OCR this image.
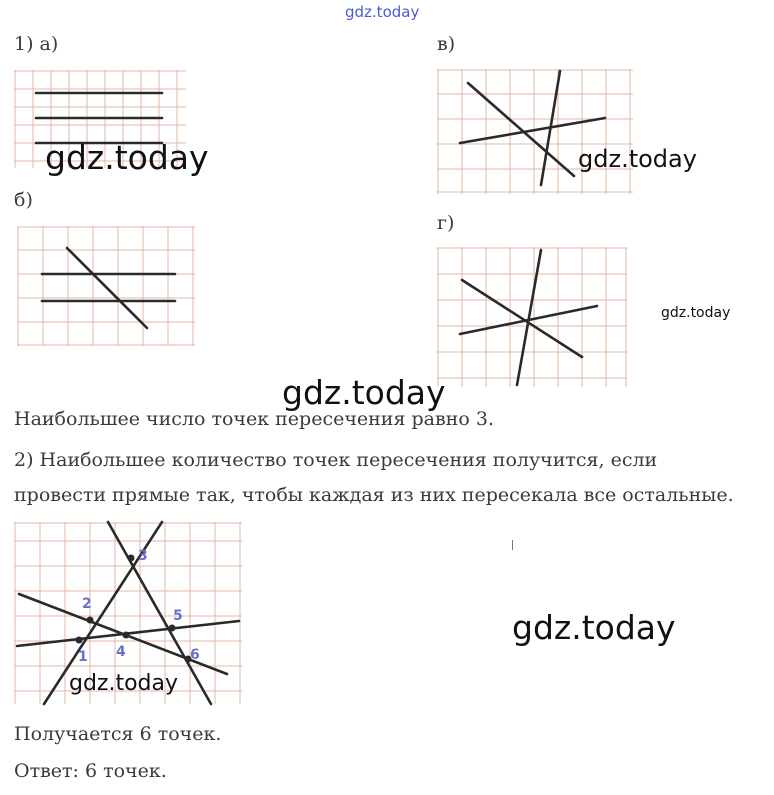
gdz.today
1) а)
б)
в)
г)
gdz.today	gdz.today
gdz.today
gdz.today
Наибольшее число точек пересечения равно 3.
2) Наибольшее количество точек пересечения получится, если
провести прямые так, чтобы каждая из них пересекала все остальные.
1
2
3
4
5
6
gdz.today
gdz.today
Получается 6 точек.
Ответ: 6 точек.
